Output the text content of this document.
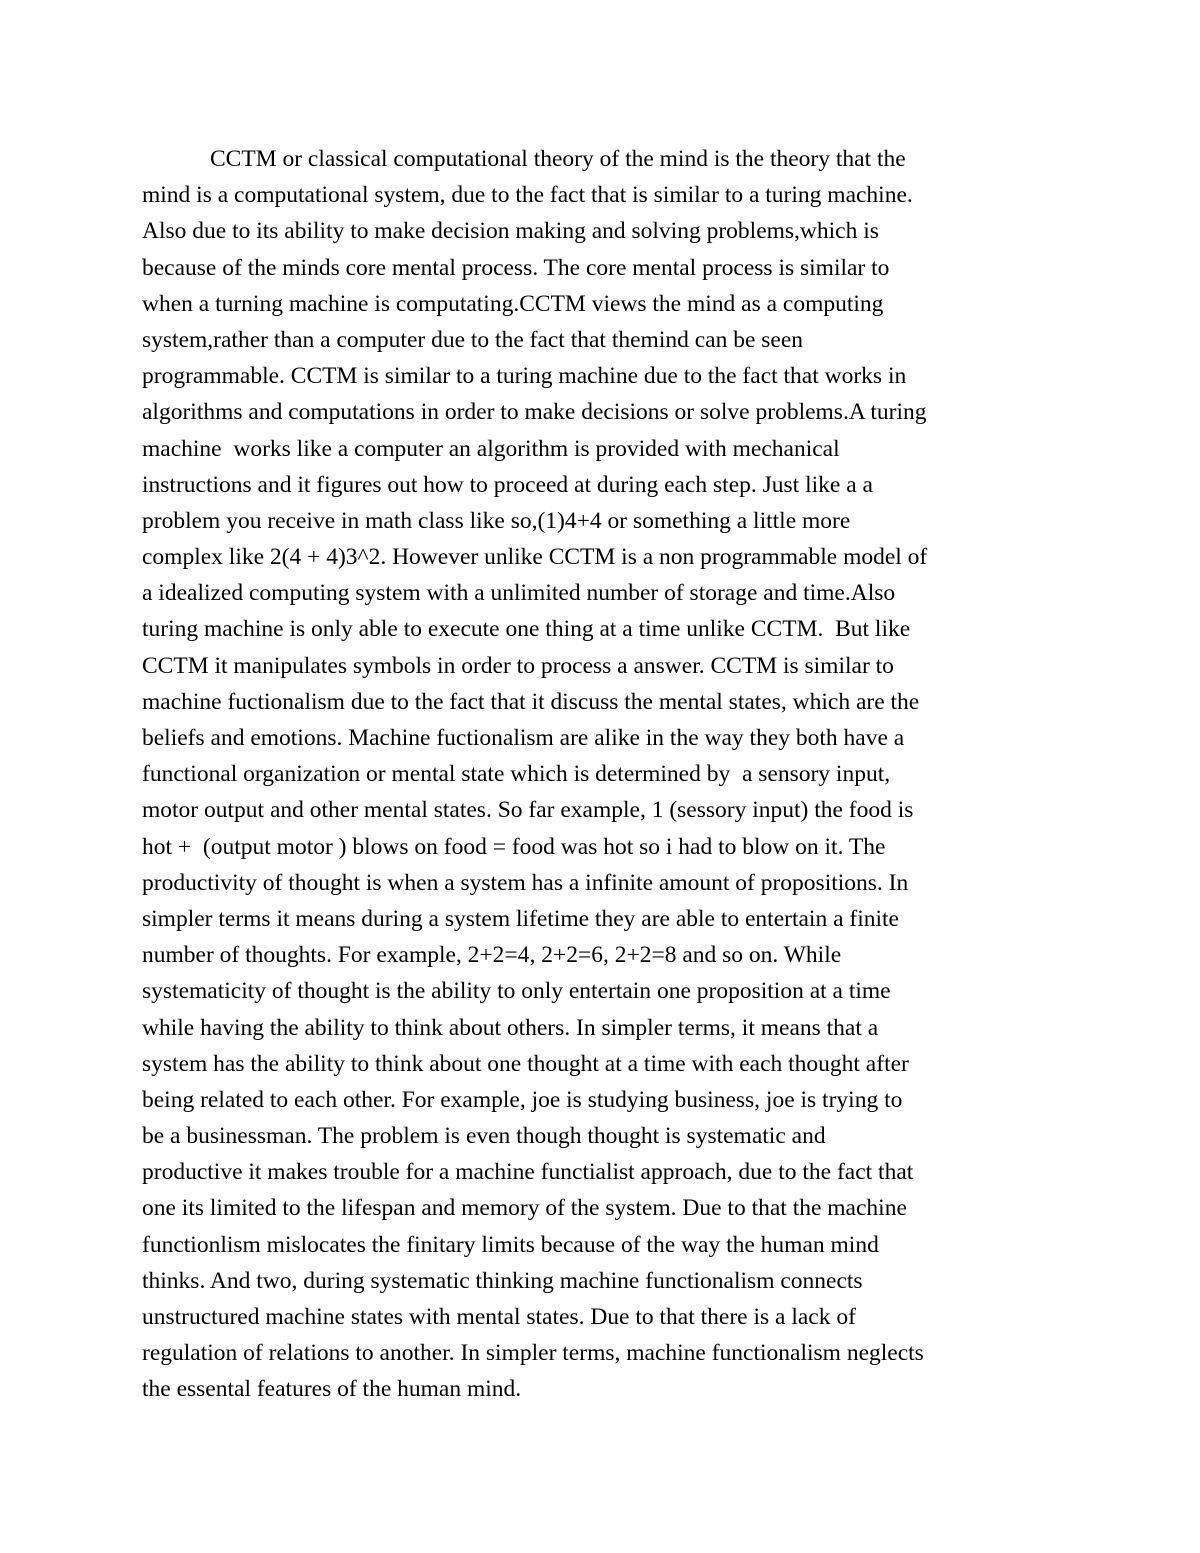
CCTM or classical computational theory of the mind is the theory that the
mind is a computational system, due to the fact that is similar to a turing machine.
Also due to its ability to make decision making and solving problems,which is
because of the minds core mental process. The core mental process is similar to
when a turning machine is computating.CCTM views the mind as a computing
system,rather than a computer due to the fact that themind can be seen
programmable. CCTM is similar to a turing machine due to the fact that works in
algorithms and computations in order to make decisions or solve problems.A turing
machine  works like a computer an algorithm is provided with mechanical
instructions and it figures out how to proceed at during each step. Just like a a
problem you receive in math class like so,(1)4+4 or something a little more
complex like 2(4 + 4)3^2. However unlike CCTM is a non programmable model of
a idealized computing system with a unlimited number of storage and time.Also
turing machine is only able to execute one thing at a time unlike CCTM.  But like
CCTM it manipulates symbols in order to process a answer. CCTM is similar to
machine fuctionalism due to the fact that it discuss the mental states, which are the
beliefs and emotions. Machine fuctionalism are alike in the way they both have a
functional organization or mental state which is determined by  a sensory input,
motor output and other mental states. So far example, 1 (sessory input) the food is
hot +  (output motor ) blows on food = food was hot so i had to blow on it. The
productivity of thought is when a system has a infinite amount of propositions. In
simpler terms it means during a system lifetime they are able to entertain a finite
number of thoughts. For example, 2+2=4, 2+2=6, 2+2=8 and so on. While
systematicity of thought is the ability to only entertain one proposition at a time
while having the ability to think about others. In simpler terms, it means that a
system has the ability to think about one thought at a time with each thought after
being related to each other. For example, joe is studying business, joe is trying to
be a businessman. The problem is even though thought is systematic and
productive it makes trouble for a machine functialist approach, due to the fact that
one its limited to the lifespan and memory of the system. Due to that the machine
functionlism mislocates the finitary limits because of the way the human mind
thinks. And two, during systematic thinking machine functionalism connects
unstructured machine states with mental states. Due to that there is a lack of
regulation of relations to another. In simpler terms, machine functionalism neglects
the essental features of the human mind.
